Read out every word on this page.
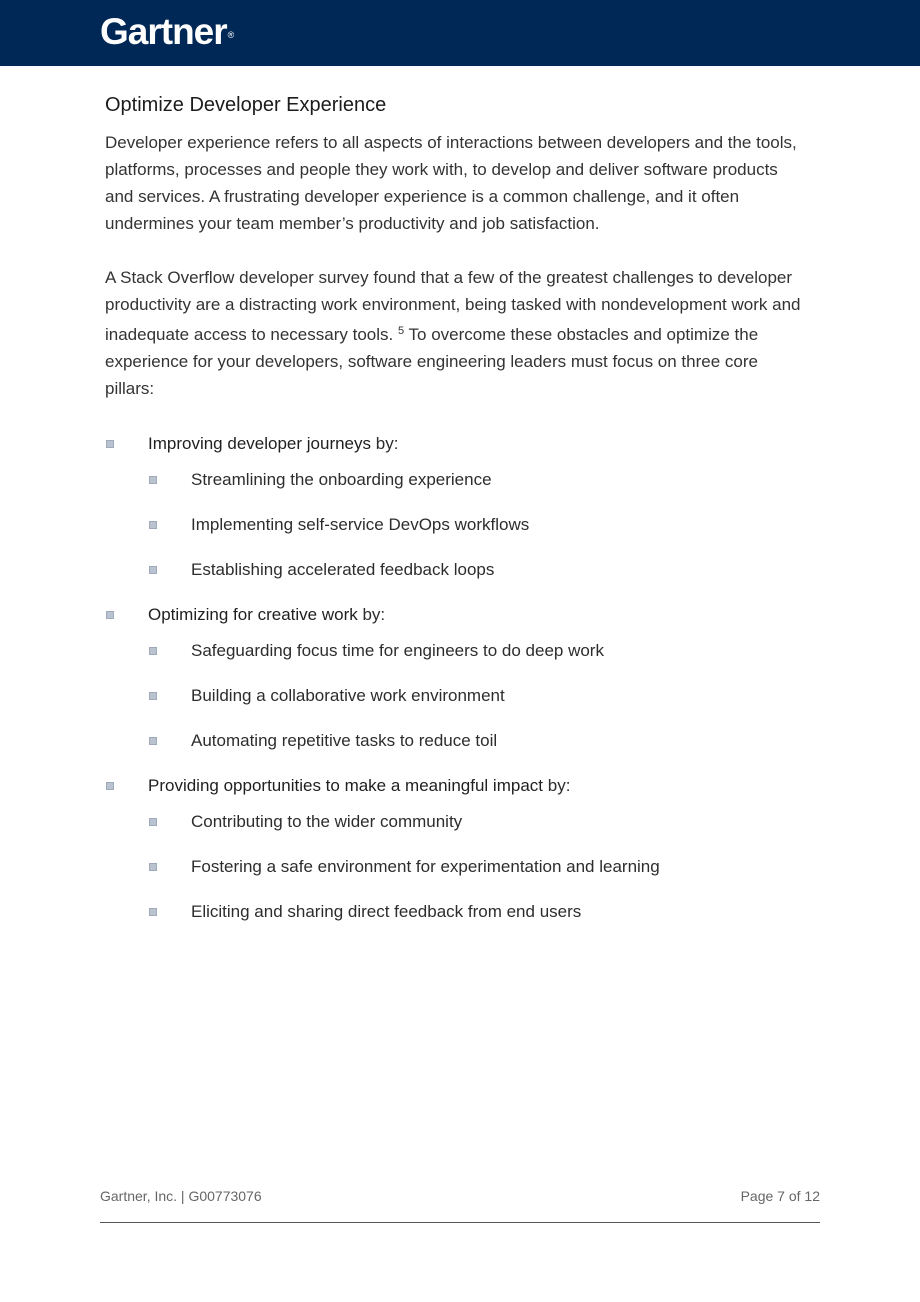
Gartner®
Optimize Developer Experience

Developer experience refers to all aspects of interactions between developers and the tools, platforms, processes and people they work with, to develop and deliver software products and services. A frustrating developer experience is a common challenge, and it often undermines your team member’s productivity and job satisfaction.

A Stack Overflow developer survey found that a few of the greatest challenges to developer productivity are a distracting work environment, being tasked with nondevelopment work and inadequate access to necessary tools. $^5$ To overcome these obstacles and optimize the experience for your developers, software engineering leaders must focus on three core pillars:

Improving developer journeys by:
Streamlining the onboarding experience
Implementing self-service DevOps workflows
Establishing accelerated feedback loops
Optimizing for creative work by:
Safeguarding focus time for engineers to do deep work
Building a collaborative work environment
Automating repetitive tasks to reduce toil
Providing opportunities to make a meaningful impact by:
Contributing to the wider community
Fostering a safe environment for experimentation and learning
Eliciting and sharing direct feedback from end users
Gartner, Inc. | G00773076	Page 7 of 12
